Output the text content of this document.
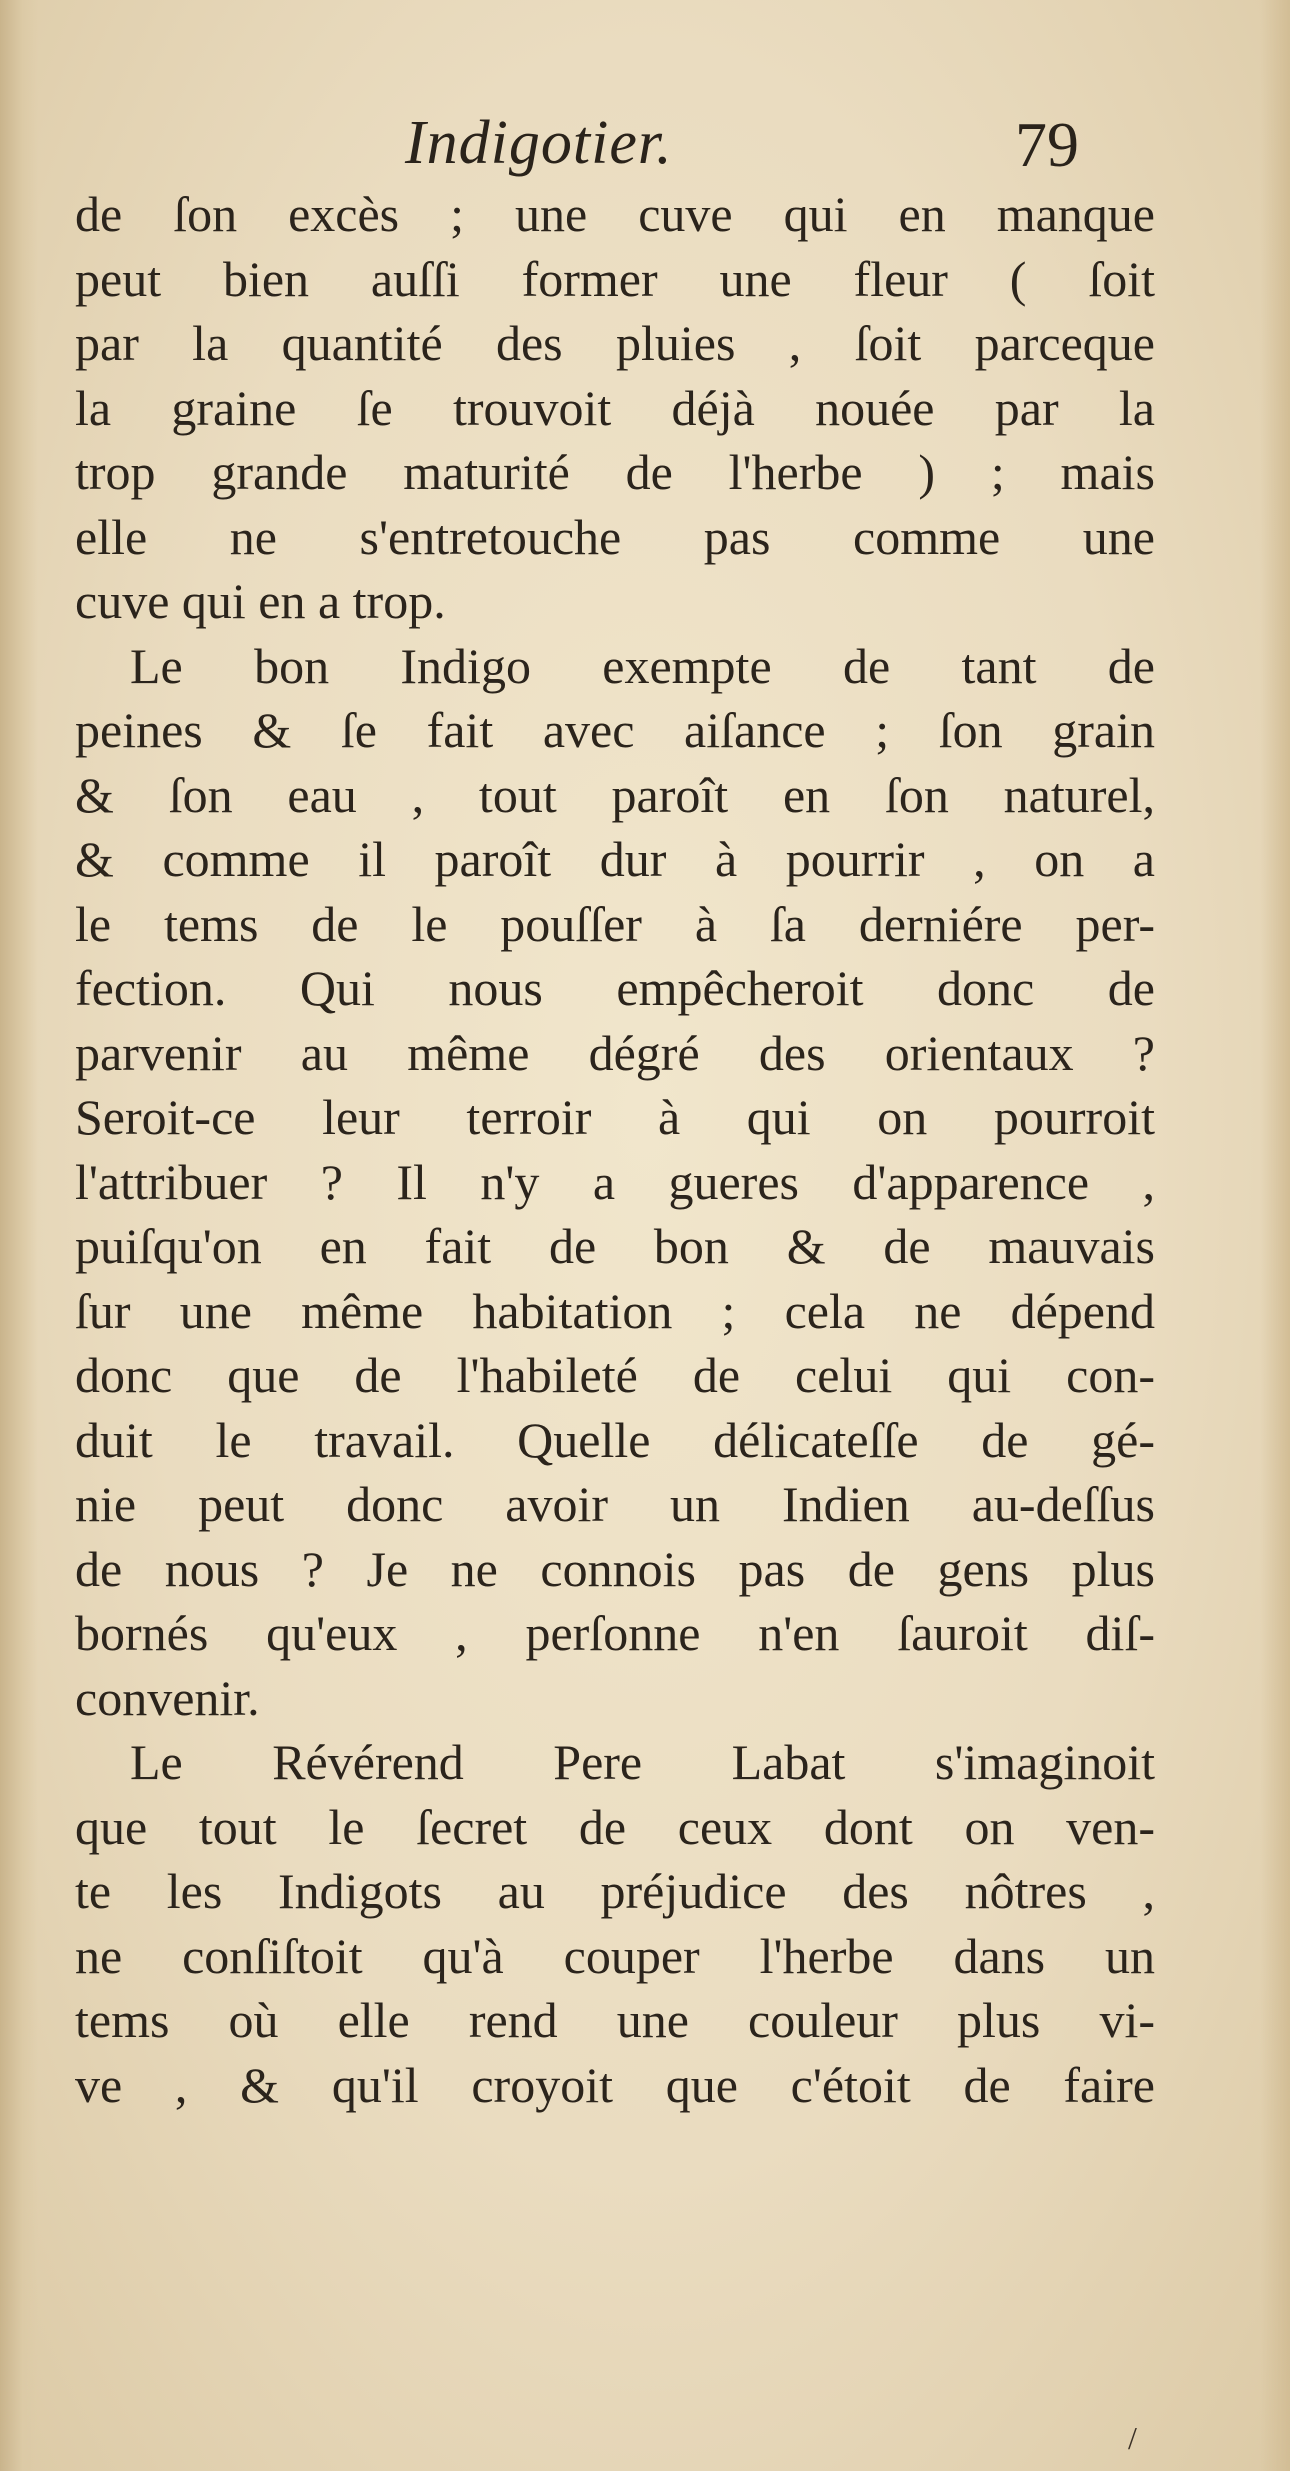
Indigotier.	79
de ſon excès ; une cuve qui en manque
peut bien auſſi former une fleur ( ſoit
par la quantité des pluies , ſoit parceque
la graine ſe trouvoit déjà nouée par la
trop grande maturité de l'herbe ) ; mais
elle ne s'entretouche pas comme une
cuve qui en a trop.
Le bon Indigo exempte de tant de
peines & ſe fait avec aiſance ; ſon grain
& ſon eau , tout paroît en ſon naturel,
& comme il paroît dur à pourrir , on a
le tems de le pouſſer à ſa derniére per-
fection. Qui nous empêcheroit donc de
parvenir au même dégré des orientaux ?
Seroit-ce leur terroir à qui on pourroit
l'attribuer ? Il n'y a gueres d'apparence ,
puiſqu'on en fait de bon & de mauvais
ſur une même habitation ; cela ne dépend
donc que de l'habileté de celui qui con-
duit le travail. Quelle délicateſſe de gé-
nie peut donc avoir un Indien au-deſſus
de nous ? Je ne connois pas de gens plus
bornés qu'eux , perſonne n'en ſauroit diſ-
convenir.
Le Révérend Pere Labat s'imaginoit
que tout le ſecret de ceux dont on ven-
te les Indigots au préjudice des nôtres ,
ne conſiſtoit qu'à couper l'herbe dans un
tems où elle rend une couleur plus vi-
ve , & qu'il croyoit que c'étoit de faire
/
